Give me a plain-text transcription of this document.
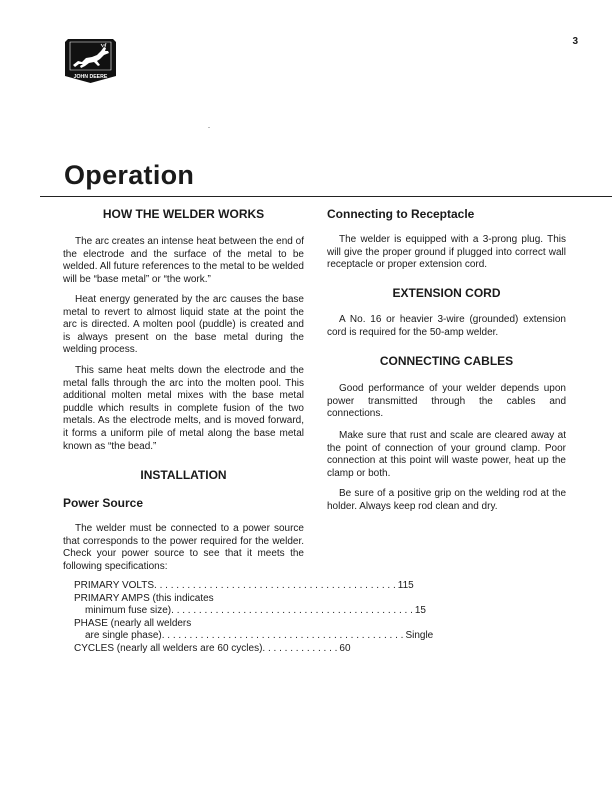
JOHN DEERE
3
Operation
HOW THE WELDER WORKS

The arc creates an intense heat between the end of the electrode and the surface of the metal to be welded. All future references to the metal to be welded will be “base metal” or “the work.”

Heat energy generated by the arc causes the base metal to revert to almost liquid state at the point the arc is directed. A molten pool (puddle) is created and is always present on the base metal during the welding process.

This same heat melts down the electrode and the metal falls through the arc into the molten pool. This additional molten metal mixes with the base metal puddle which results in complete fusion of the two metals. As the electrode melts, and is moved forward, it forms a uniform pile of metal along the base metal known as “the bead.”

INSTALLATION
Power Source

The welder must be connected to a power source that corresponds to the power required for the welder. Check your power source to see that it meets the following specifications:

PRIMARY VOLTS . . . . . . . . . . . . . . . . . . . . . . . . . . . . . . . . . . . . . . . . . . . . 115
PRIMARY AMPS (this indicates
minimum fuse size) . . . . . . . . . . . . . . . . . . . . . . . . . . . . . . . . . . . . . . . . . . . . 15
PHASE (nearly all welders
are single phase) . . . . . . . . . . . . . . . . . . . . . . . . . . . . . . . . . . . . . . . . . . . . Single
CYCLES (nearly all welders are 60 cycles) . . . . . . . . . . . . . . 60
Connecting to Receptacle

The welder is equipped with a 3-prong plug. This will give the proper ground if plugged into correct wall receptacle or proper extension cord.

EXTENSION CORD

A No. 16 or heavier 3-wire (grounded) extension cord is required for the 50-amp welder.

CONNECTING CABLES

Good performance of your welder depends upon power transmitted through the cables and connections.

Make sure that rust and scale are cleared away at the point of connection of your ground clamp. Poor connection at this point will waste power, heat up the clamp or both.

Be sure of a positive grip on the welding rod at the holder. Always keep rod clean and dry.
